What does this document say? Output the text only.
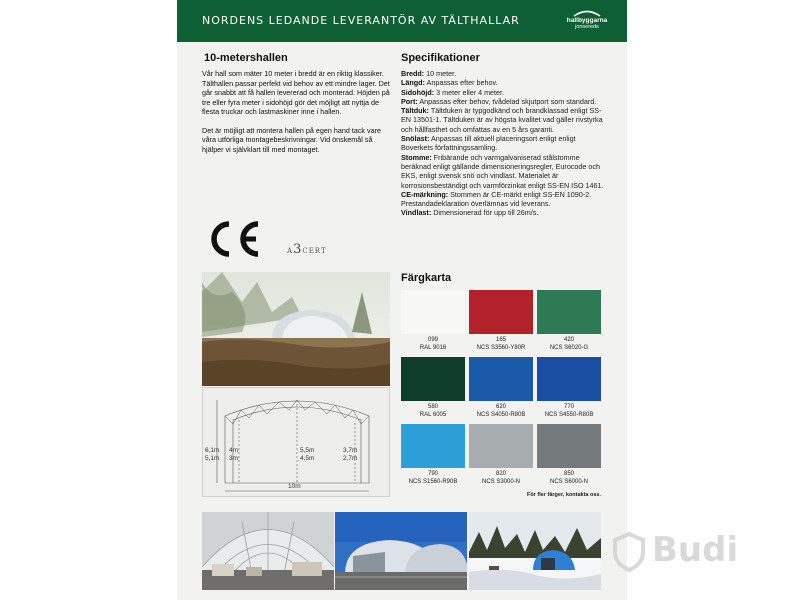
NORDENS LEDANDE LEVERANTÖR AV TÄLTHALLAR	hallbyggarna
jonsereds
10-metershallen

Vår hall som mäter 10 meter i bredd är en riktig klassiker. Tälthallen passar perfekt vid behov av ett mindre lager. Det går snabbt att få hallen levererad och monterad. Höjden på tre eller fyra meter i sidohöjd gör det möjligt att nyttja de flesta truckar och lastmaskiner inne i hallen.

Det är möjligt att montera hallen på egen hand tack vare våra utförliga montagebeskrivningar. Vid önskemål så hjälper vi självklart till med montaget.

A3CERT
6,1m
5,1m
4m
3m
5,5m
4,5m
3,7m
2,7m
10m
Specifikationer
Bredd: 10 meter.
Längd: Anpassas efter behov.
Sidohöjd: 3 meter eller 4 meter.
Port: Anpassas efter behov, tvådelad skjutport som standard.
Tältduk: Tältduken är typgodkänd och brandklassad enligt SS-EN 13501-1. Tältduken är av högsta kvalitet vad gäller rivstyrka och hållfasthet och omfattas av en 5 års garanti.
Snölast: Anpassas till aktuell placeringsort enligt enligt Boverkets författningssamling.
Stomme: Fribärande och varmgalvaniserad stålstomme beräknad enligt gällande dimensioneringsregler, Eurocode och EKS, enligt svensk snö och vindlast. Materialet är korrosionsbeständigt och varmförzinkat enligt SS-EN ISO 1461.
CE-märkning: Stommen är CE-märkt enligt SS-EN 1090-2. Prestandadeklaration överlämnas vid leverans.
Vindlast: Dimensionerad för upp till 26m/s.
Färgkarta
099
RAL 9016
165
NCS S3560-Y80R
420
NCS S6020-G
580
RAL 6005
620
NCS S4050-R80B
770
NCS S4550-R80B
790
NCS S1560-R90B
820
NCS S3000-N
850
NCS S6000-N
För fler färger, kontakta oss.
Budi
